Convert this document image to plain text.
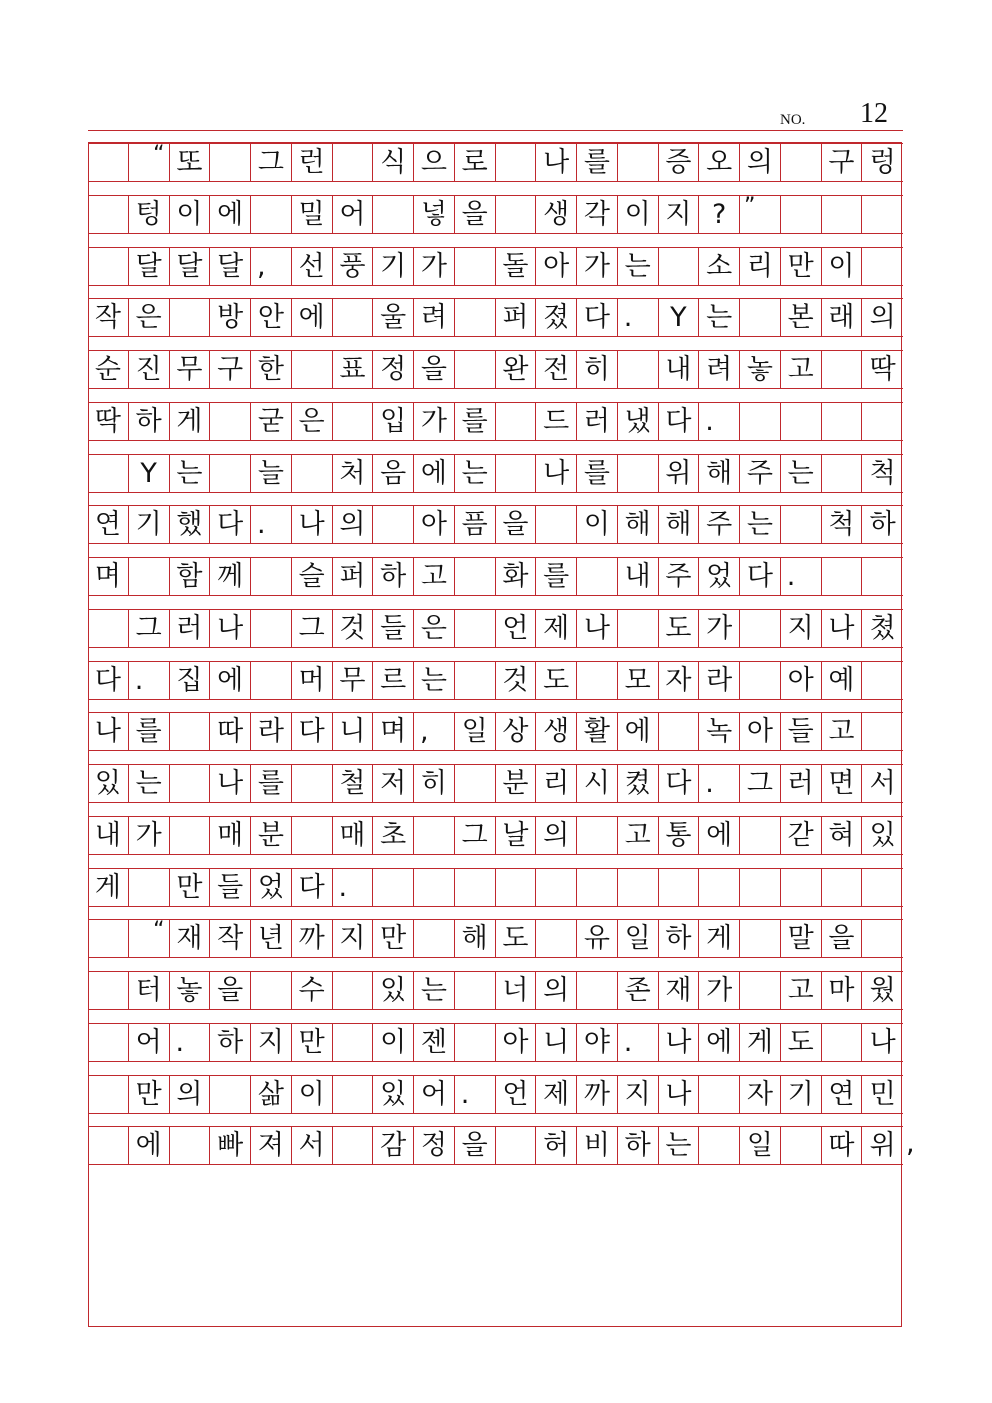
NO. 12
“ 또 그 런 식 으 로 나 를 증 오 의 구 렁
텅 이 에 밀 어 넣 을 생 각 이 지 ? ”
달 달 달 ,	선 풍 기 가 돌 아 가 는 소 리 만 이
작 은 방 안 에 울 려 퍼 졌 다 .	Y 는 본 래 의
순 진 무 구 한 표 정 을 완 전 히 내 려 놓 고 딱
딱 하 게 굳 은 입 가 를 드 러 냈 다 .
Y 는 늘 처 음 에 는 나 를 위 해 주 는 척
연 기 했 다 .	나 의 아 픔 을 이 해 해 주 는 척 하
며 함 께 슬 퍼 하 고 화 를 내 주 었 다 .
그 러 나 그 것 들 은 언 제 나 도 가 지 나 쳤
다 .	집 에 머 무 르 는 것 도 모 자 라 아 예
나 를 따 라 다 니 며 ,	일 상 생 활 에 녹 아 들 고
있 는 나 를 철 저 히 분 리 시 켰 다 .	그 러 면 서
내 가 매 분 매 초 그 날 의 고 통 에 갇 혀 있
게 만 들 었 다 .
“ 재 작 년 까 지 만 해 도 유 일 하 게 말 을
터 놓 을 수 있 는 너 의 존 재 가 고 마 웠
어 .	하 지 만 이 젠 아 니 야 .	나 에 게 도 나
만 의 삶 이 있 어 .	언 제 까 지 나 자 기 연 민
에 빠 져 서 감 정 을 허 비 하 는 일 따 위 ,
